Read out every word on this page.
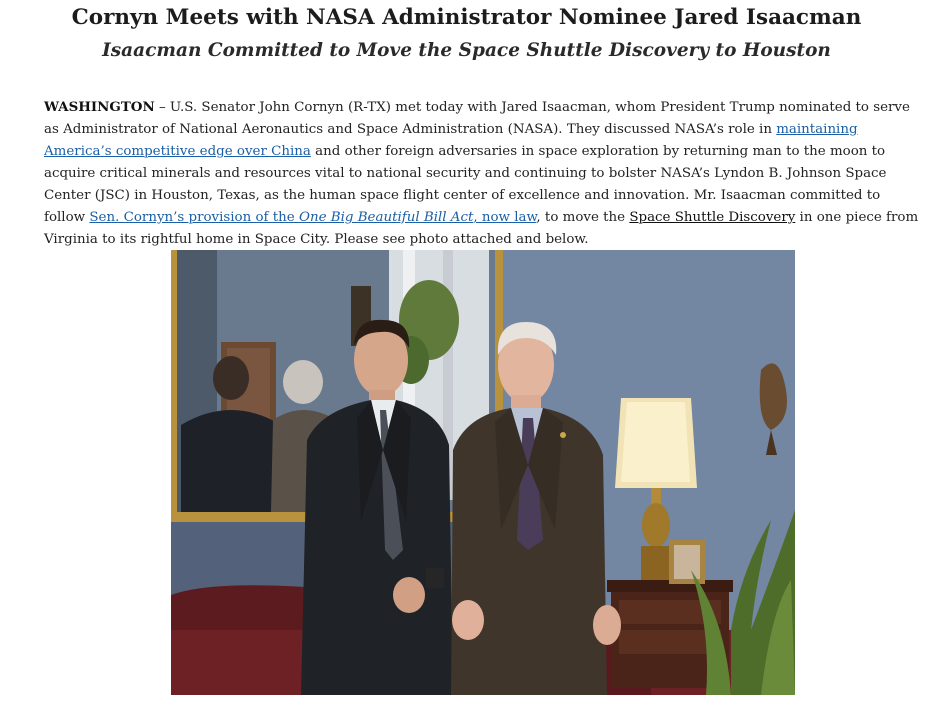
Cornyn Meets with NASA Administrator Nominee Jared Isaacman
Isaacman Committed to Move the Space Shuttle Discovery to Houston

WASHINGTON – U.S. Senator John Cornyn (R-TX) met today with Jared Isaacman, whom President Trump nominated to serve as Administrator of National Aeronautics and Space Administration (NASA). They discussed NASA’s role in maintaining America’s competitive edge over China and other foreign adversaries in space exploration by returning man to the moon to acquire critical minerals and resources vital to national security and continuing to bolster NASA’s Lyndon B. Johnson Space Center (JSC) in Houston, Texas, as the human space flight center of excellence and innovation. Mr. Isaacman committed to follow Sen. Cornyn’s provision of the One Big Beautiful Bill Act, now law, to move the Space Shuttle Discovery in one piece from Virginia to its rightful home in Space City. Please see photo attached and below.
